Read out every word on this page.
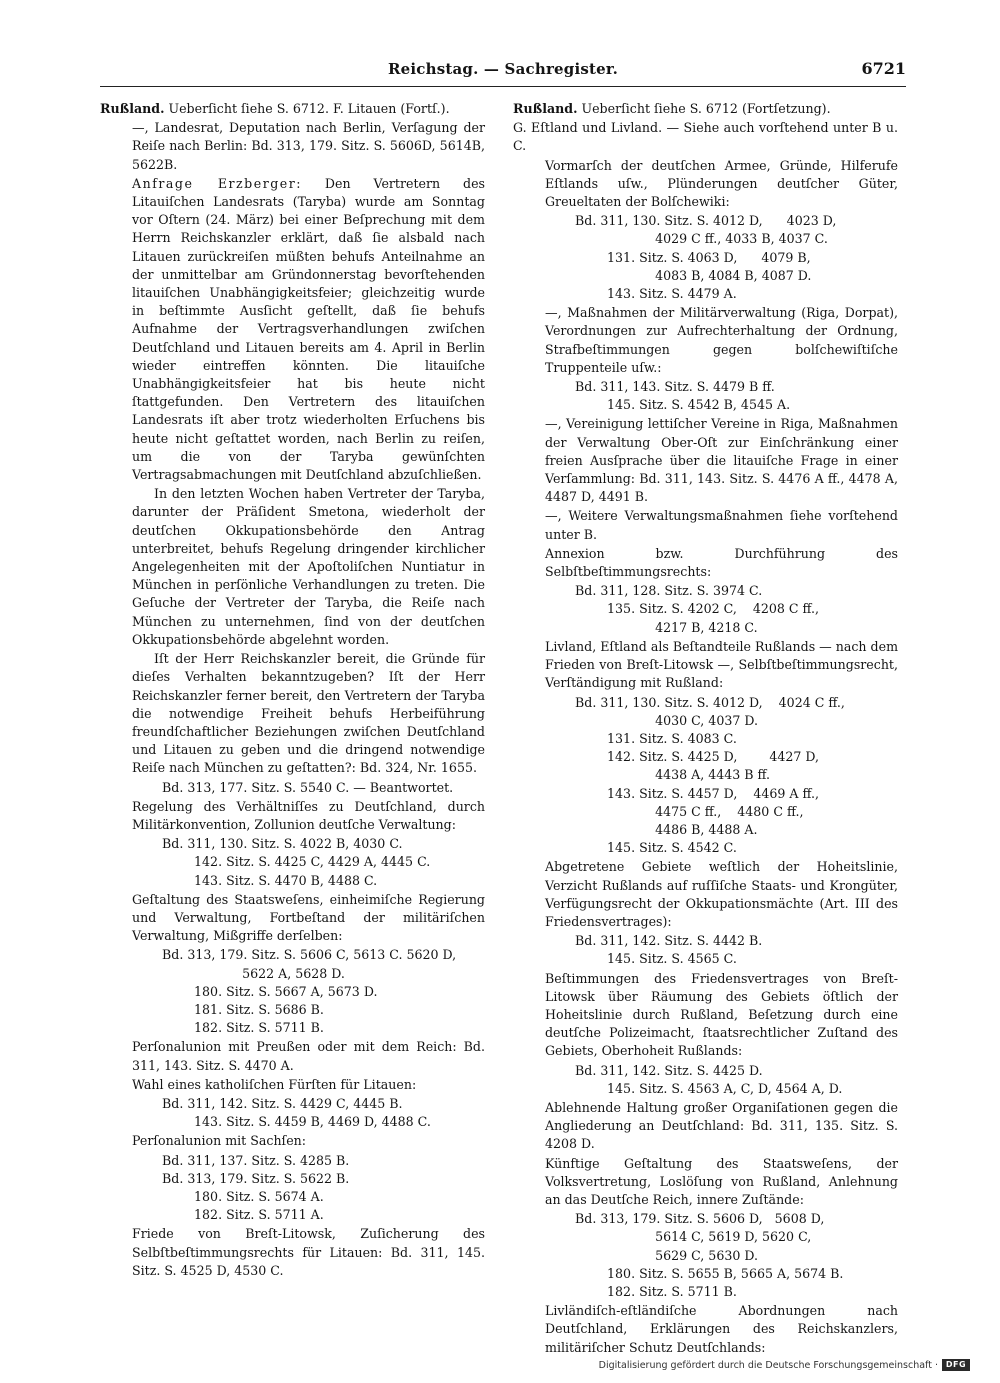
Reichstag. — Sachregister.	6721
Rußland. Ueberſicht ſiehe S. 6712. F. Litauen (Fortſ.).
—, Landesrat, Deputation nach Berlin, Verſagung der Reiſe nach Berlin: Bd. 313, 179. Sitz. S. 5606D, 5614B, 5622B.
Anfrage Erzberger: Den Vertretern des Litauiſchen Landesrats (Taryba) wurde am Sonntag vor Oſtern (24. März) bei einer Beſprechung mit dem Herrn Reichskanzler erklärt, daß ſie alsbald nach Litauen zurückreiſen müßten behufs Anteilnahme an der unmittelbar am Gründonnerstag bevorſtehenden litauiſchen Unabhängigkeitsfeier; gleichzeitig wurde in beſtimmte Ausſicht geſtellt, daß ſie behufs Aufnahme der Vertragsverhandlungen zwiſchen Deutſchland und Litauen bereits am 4. April in Berlin wieder eintreffen könnten. Die litauiſche Unabhängigkeitsfeier hat bis heute nicht ſtattgefunden. Den Vertretern des litauiſchen Landesrats iſt aber trotz wiederholten Erſuchens bis heute nicht geſtattet worden, nach Berlin zu reiſen, um die von der Taryba gewünſchten Vertragsabmachungen mit Deutſchland abzuſchließen.
In den letzten Wochen haben Vertreter der Taryba, darunter der Präſident Smetona, wiederholt der deutſchen Okkupationsbehörde den Antrag unterbreitet, behufs Regelung dringender kirchlicher Angelegenheiten mit der Apoſtoliſchen Nuntiatur in München in perſönliche Verhandlungen zu treten. Die Geſuche der Vertreter der Taryba, die Reiſe nach München zu unternehmen, ſind von der deutſchen Okkupationsbehörde abgelehnt worden.
Iſt der Herr Reichskanzler bereit, die Gründe für dieſes Verhalten bekanntzugeben? Iſt der Herr Reichskanzler ferner bereit, den Vertretern der Taryba die notwendige Freiheit behufs Herbeiführung freundſchaftlicher Beziehungen zwiſchen Deutſchland und Litauen zu geben und die dringend notwendige Reiſe nach München zu geſtatten?: Bd. 324, Nr. 1655.
Bd. 313, 177. Sitz. S. 5540 C. — Beantwortet.
Regelung des Verhältniſſes zu Deutſchland, durch Militärkonvention, Zollunion deutſche Verwaltung:
Bd. 311, 130. Sitz. S. 4022 B, 4030 C.
142. Sitz. S. 4425 C, 4429 A, 4445 C.
143. Sitz. S. 4470 B, 4488 C.
Geſtaltung des Staatsweſens, einheimiſche Regierung und Verwaltung, Fortbeſtand der militäriſchen Verwaltung, Mißgriffe derſelben:
Bd. 313, 179. Sitz. S. 5606 C, 5613 C. 5620 D,
5622 A, 5628 D.
180. Sitz. S. 5667 A, 5673 D.
181. Sitz. S. 5686 B.
182. Sitz. S. 5711 B.
Perſonalunion mit Preußen oder mit dem Reich: Bd. 311, 143. Sitz. S. 4470 A.
Wahl eines katholiſchen Fürſten für Litauen:
Bd. 311, 142. Sitz. S. 4429 C, 4445 B.
143. Sitz. S. 4459 B, 4469 D, 4488 C.
Perſonalunion mit Sachſen:
Bd. 311, 137. Sitz. S. 4285 B.
Bd. 313, 179. Sitz. S. 5622 B.
180. Sitz. S. 5674 A.
182. Sitz. S. 5711 A.
Friede von Breſt-Litowsk, Zuſicherung des Selbſtbeſtimmungsrechts für Litauen: Bd. 311, 145. Sitz. S. 4525 D, 4530 C.
Rußland. Ueberſicht ſiehe S. 6712 (Fortſetzung).
G. Eſtland und Livland. — Siehe auch vorſtehend unter B u. C.
Vormarſch der deutſchen Armee, Gründe, Hilferufe Eſtlands uſw., Plünderungen deutſcher Güter, Greueltaten der Bolſchewiki:
Bd. 311, 130. Sitz. S. 4012 D,      4023 D,
4029 C ff., 4033 B, 4037 C.
131. Sitz. S. 4063 D,      4079 B,
4083 B, 4084 B, 4087 D.
143. Sitz. S. 4479 A.
—, Maßnahmen der Militärverwaltung (Riga, Dorpat), Verordnungen zur Aufrechterhaltung der Ordnung, Strafbeſtimmungen gegen bolſchewiſtiſche Truppenteile uſw.:
Bd. 311, 143. Sitz. S. 4479 B ff.
145. Sitz. S. 4542 B, 4545 A.
—, Vereinigung lettiſcher Vereine in Riga, Maßnahmen der Verwaltung Ober-Oſt zur Einſchränkung einer freien Ausſprache über die litauiſche Frage in einer Verſammlung: Bd. 311, 143. Sitz. S. 4476 A ff., 4478 A, 4487 D, 4491 B.
—, Weitere Verwaltungsmaßnahmen ſiehe vorſtehend unter B.
Annexion bzw. Durchführung des Selbſtbeſtimmungsrechts:
Bd. 311, 128. Sitz. S. 3974 C.
135. Sitz. S. 4202 C,    4208 C ff.,
4217 B, 4218 C.
Livland, Eſtland als Beſtandteile Rußlands — nach dem Frieden von Breſt-Litowsk —, Selbſtbeſtimmungsrecht, Verſtändigung mit Rußland:
Bd. 311, 130. Sitz. S. 4012 D,    4024 C ff.,
4030 C, 4037 D.
131. Sitz. S. 4083 C.
142. Sitz. S. 4425 D,        4427 D,
4438 A, 4443 B ff.
143. Sitz. S. 4457 D,    4469 A ff.,
4475 C ff.,    4480 C ff.,
4486 B, 4488 A.
145. Sitz. S. 4542 C.
Abgetretene Gebiete weſtlich der Hoheitslinie, Verzicht Rußlands auf ruſſiſche Staats- und Krongüter, Verfügungsrecht der Okkupationsmächte (Art. III des Friedensvertrages):
Bd. 311, 142. Sitz. S. 4442 B.
145. Sitz. S. 4565 C.
Beſtimmungen des Friedensvertrages von Breſt-Litowsk über Räumung des Gebiets öſtlich der Hoheitslinie durch Rußland, Beſetzung durch eine deutſche Polizeimacht, ſtaatsrechtlicher Zuſtand des Gebiets, Oberhoheit Rußlands:
Bd. 311, 142. Sitz. S. 4425 D.
145. Sitz. S. 4563 A, C, D, 4564 A, D.
Ablehnende Haltung großer Organiſationen gegen die Angliederung an Deutſchland: Bd. 311, 135. Sitz. S. 4208 D.
Künftige Geſtaltung des Staatsweſens, der Volksvertretung, Loslöſung von Rußland, Anlehnung an das Deutſche Reich, innere Zuſtände:
Bd. 313, 179. Sitz. S. 5606 D,   5608 D,
5614 C, 5619 D, 5620 C,
5629 C, 5630 D.
180. Sitz. S. 5655 B, 5665 A, 5674 B.
182. Sitz. S. 5711 B.
Livländiſch-eſtländiſche Abordnungen nach Deutſchland, Erklärungen des Reichskanzlers, militäriſcher Schutz Deutſchlands:
Digitalisierung gefördert durch die Deutsche Forschungsgemeinschaft · DFG
